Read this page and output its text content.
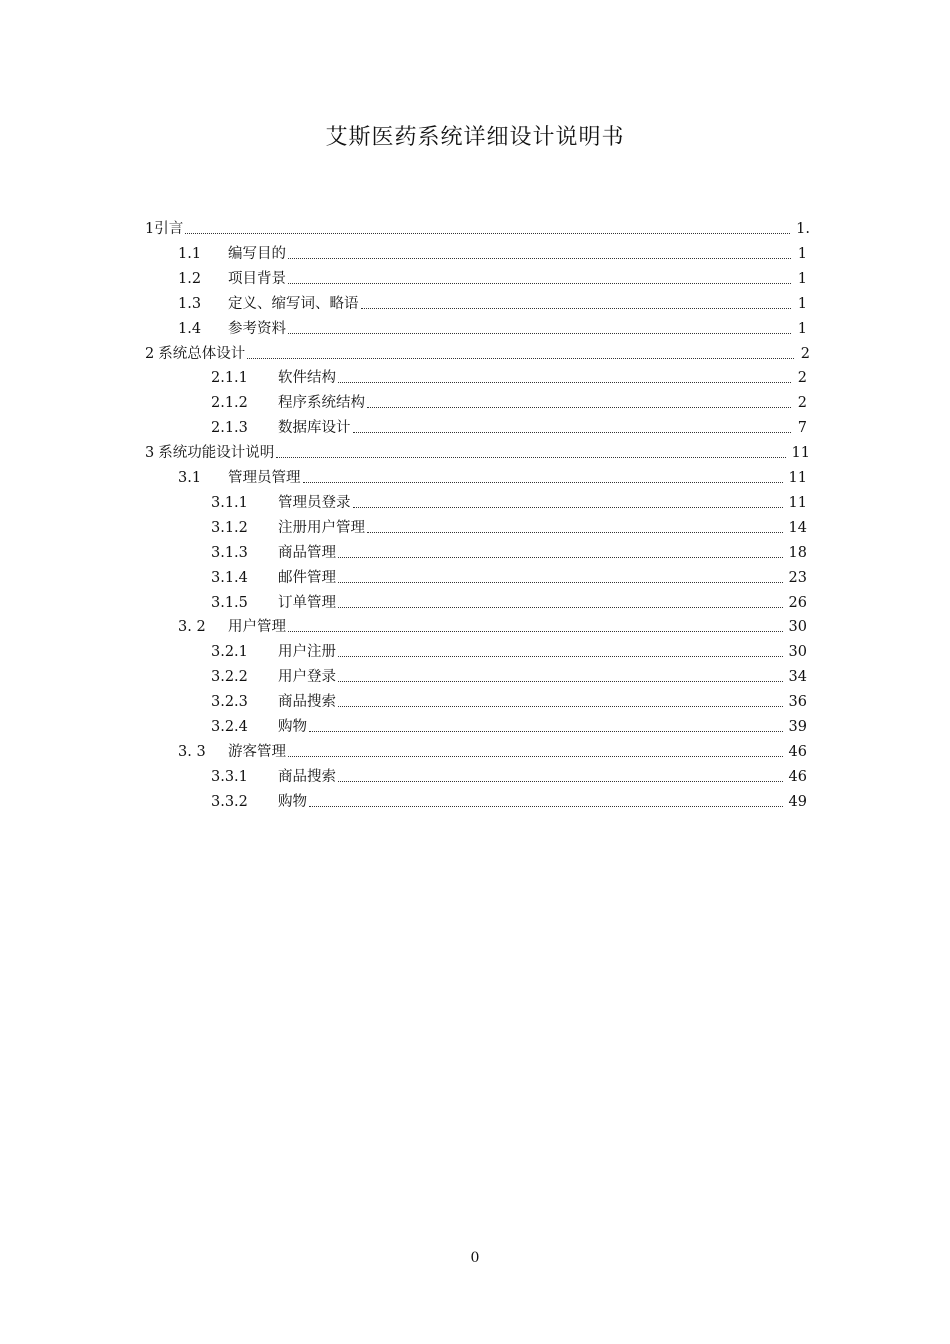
艾斯医药系统详细设计说明书
1 引言	1.
1.1	编写目的	1
1.2	项目背景	1
1.3	定义、缩写词、略语	1
1.4	参考资料	1
2 系统总体设计	2
2.1.1	软件结构	2
2.1.2	程序系统结构	2
2.1.3	数据库设计	7
3 系统功能设计说明	11
3.1	管理员管理	11
3.1.1	管理员登录	11
3.1.2	注册用户管理	14
3.1.3	商品管理	18
3.1.4	邮件管理	23
3.1.5	订单管理	26
3. 2	用户管理	30
3.2.1	用户注册	30
3.2.2	用户登录	34
3.2.3	商品搜索	36
3.2.4	购物	39
3. 3	游客管理	46
3.3.1	商品搜索	46
3.3.2	购物	49
0
